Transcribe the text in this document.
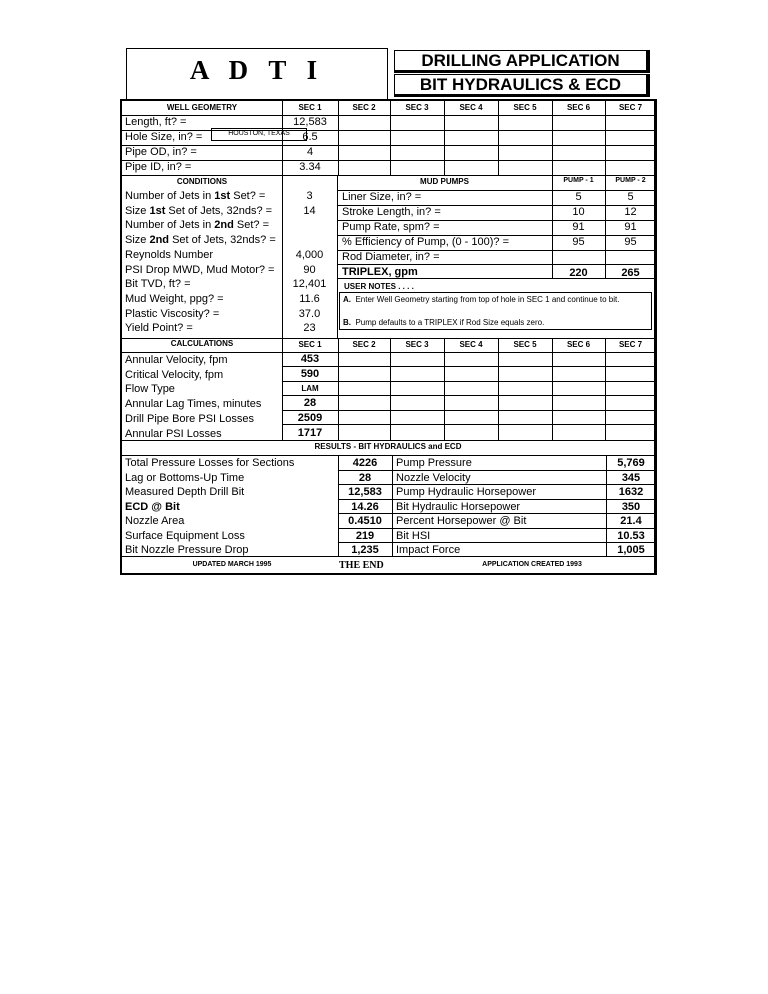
A D T I
HOUSTON, TEXAS
DRILLING APPLICATION
BIT HYDRAULICS & ECD
WELL GEOMETRY	SEC 1	SEC 2	SEC 3	SEC 4	SEC 5	SEC 6	SEC 7
Length, ft? =	12,583
Hole Size, in? =	6.5
Pipe OD, in? =	4
Pipe ID, in? =	3.34
CONDITIONS	MUD PUMPS	PUMP - 1	PUMP - 2
Number of Jets in 1st Set? =	3
Size 1st Set of Jets, 32nds? =	14
Number of Jets in 2nd Set? =
Size 2nd Set of Jets, 32nds? =
Reynolds Number	4,000
PSI Drop MWD, Mud Motor? =	90
Bit TVD, ft? =	12,401
Mud Weight, ppg? =	11.6
Plastic Viscosity? =	37.0
Yield Point? =	23
Liner Size, in? =	5	5
Stroke Length, in? =	10	12
Pump Rate, spm? =	91	91
% Efficiency of Pump, (0 - 100)? =	95	95
Rod Diameter, in? =
TRIPLEX, gpm	220	265
USER NOTES . . . .
A. Enter Well Geometry starting from top of hole in SEC 1 and continue to bit.
B. Pump defaults to a TRIPLEX if Rod Size equals zero.
CALCULATIONS	SEC 1	SEC 2	SEC 3	SEC 4	SEC 5	SEC 6	SEC 7
Annular Velocity, fpm	453
Critical Velocity, fpm	590
Flow Type	LAM
Annular Lag Times, minutes	28
Drill Pipe Bore PSI Losses	2509
Annular PSI Losses	1717
RESULTS - BIT HYDRAULICS and ECD
Total Pressure Losses for Sections	4226	Pump Pressure	5,769
Lag or Bottoms-Up Time	28	Nozzle Velocity	345
Measured Depth Drill Bit	12,583	Pump Hydraulic Horsepower	1632
ECD @ Bit	14.26	Bit Hydraulic Horsepower	350
Nozzle Area	0.4510	Percent Horsepower @ Bit	21.4
Surface Equipment Loss	219	Bit HSI	10.53
Bit Nozzle Pressure Drop	1,235	Impact Force	1,005
UPDATED MARCH 1995	THE END	APPLICATION CREATED 1993
